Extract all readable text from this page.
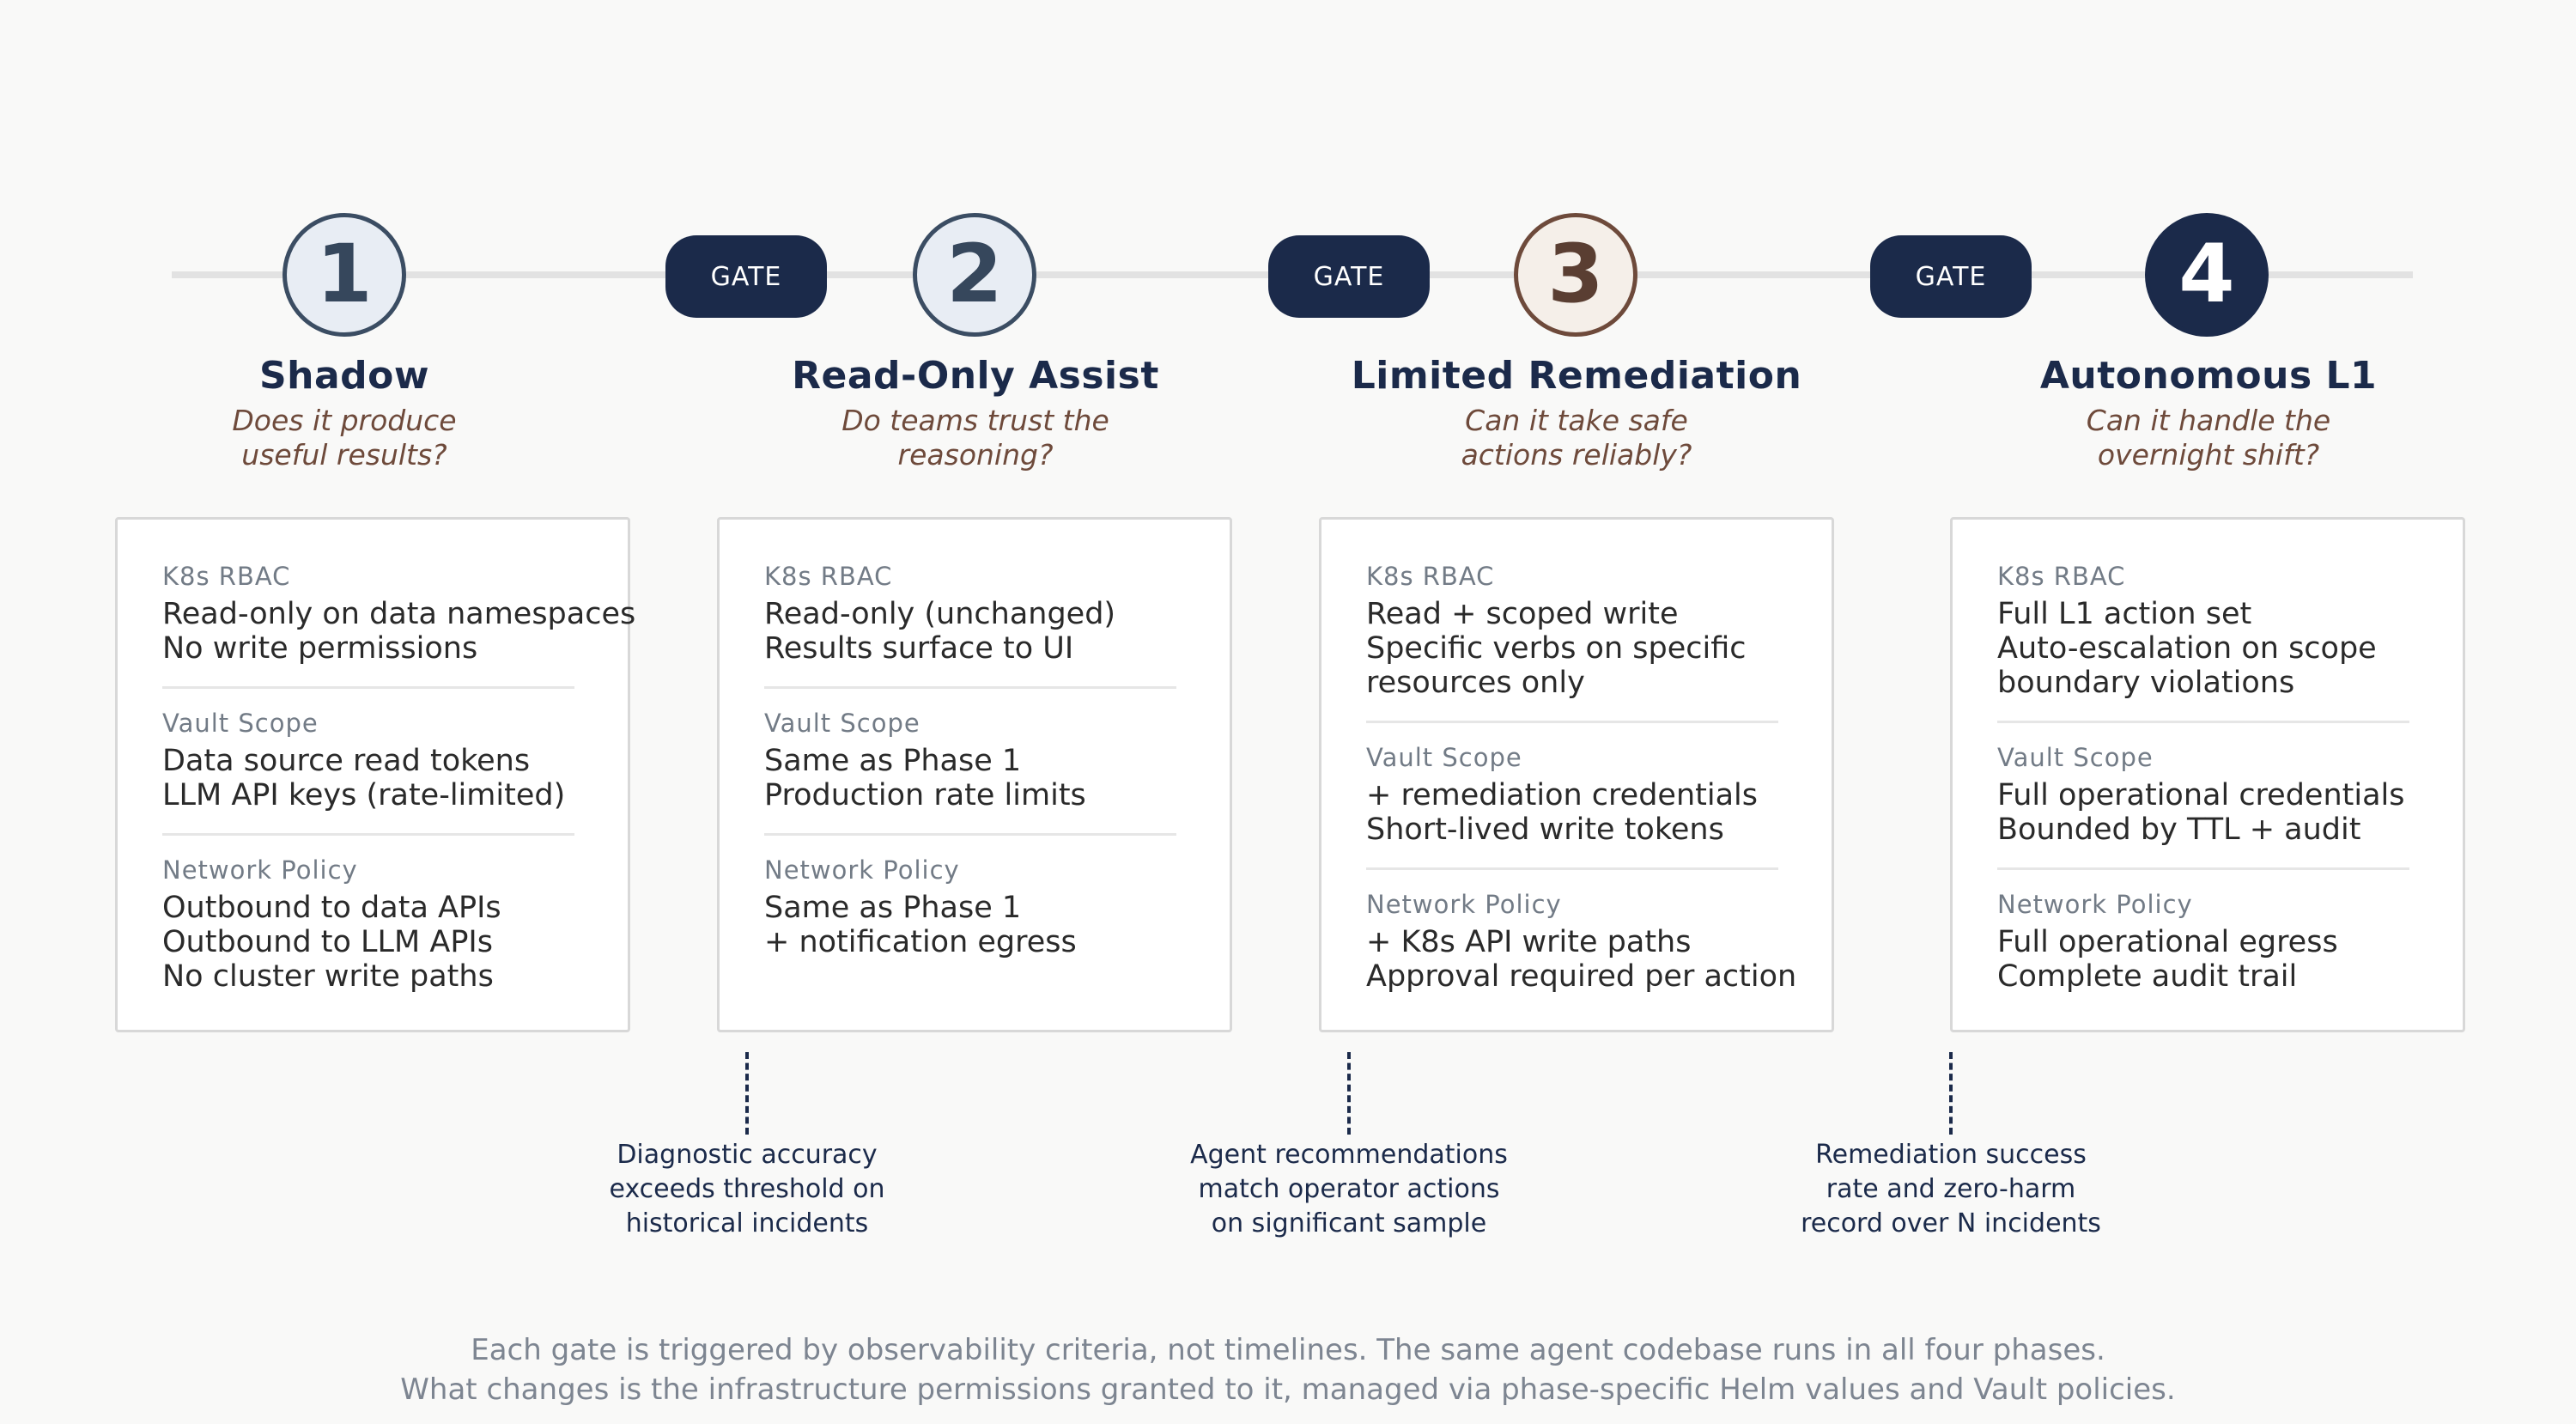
1
Shadow
Does it produce
useful results?
GATE	2
Read-Only Assist
Do teams trust the
reasoning?
GATE	3
Limited Remediation
Can it take safe
actions reliably?
GATE	4
Autonomous L1
Can it handle the
overnight shift?
K8s RBAC
Read-only on data namespaces
No write permissions
Vault Scope
Data source read tokens
LLM API keys (rate-limited)
Network Policy
Outbound to data APIs
Outbound to LLM APIs
No cluster write paths
K8s RBAC
Read-only (unchanged)
Results surface to UI
Vault Scope
Same as Phase 1
Production rate limits
Network Policy
Same as Phase 1
+ notification egress
K8s RBAC
Read + scoped write
Specific verbs on specific
resources only
Vault Scope
+ remediation credentials
Short-lived write tokens
Network Policy
+ K8s API write paths
Approval required per action
K8s RBAC
Full L1 action set
Auto-escalation on scope
boundary violations
Vault Scope
Full operational credentials
Bounded by TTL + audit
Network Policy
Full operational egress
Complete audit trail
Diagnostic accuracy
exceeds threshold on
historical incidents
Agent recommendations
match operator actions
on significant sample
Remediation success
rate and zero-harm
record over N incidents
Each gate is triggered by observability criteria, not timelines. The same agent codebase runs in all four phases.
What changes is the infrastructure permissions granted to it, managed via phase-specific Helm values and Vault policies.
